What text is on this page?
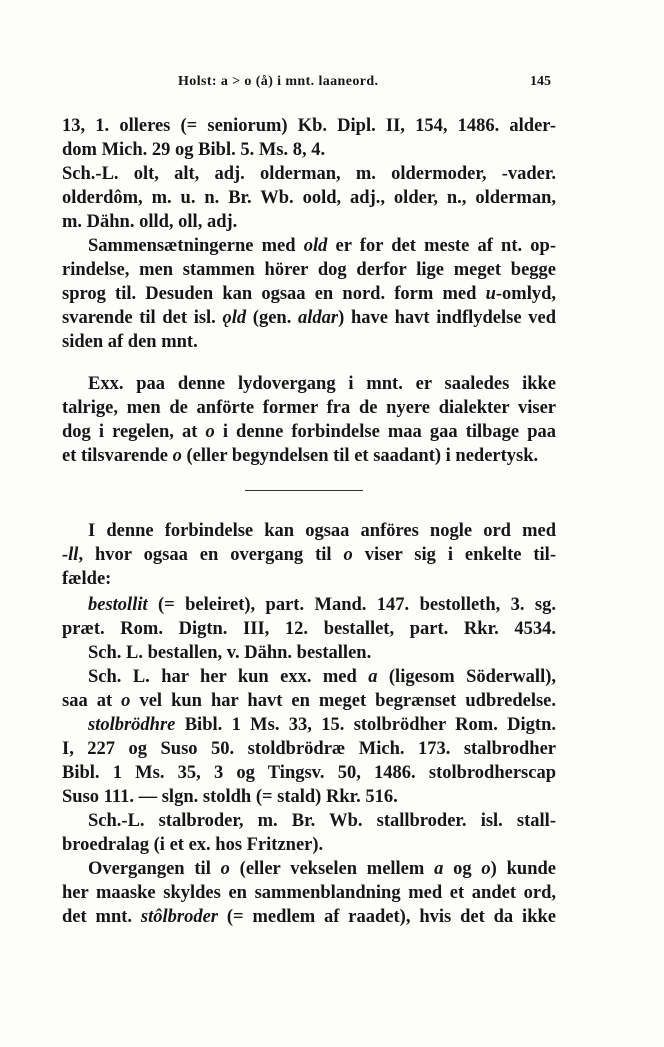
Holst: a > o (å) i mnt. laaneord.	145
13, 1. olleres (= seniorum) Kb. Dipl. II, 154, 1486. alder-
dom Mich. 29 og Bibl. 5. Ms. 8, 4.
Sch.-L. olt, alt, adj. olderman, m. oldermoder, -vader.
olderdôm, m. u. n. Br. Wb. oold, adj., older, n., olderman,
m. Dähn. olld, oll, adj.
Sammensætningerne med old er for det meste af nt. op-
rindelse, men stammen hörer dog derfor lige meget begge
sprog til. Desuden kan ogsaa en nord. form med u-omlyd,
svarende til det isl. ǫld (gen. aldar) have havt indflydelse ved
siden af den mnt.
Exx. paa denne lydovergang i mnt. er saaledes ikke
talrige, men de anförte former fra de nyere dialekter viser
dog i regelen, at o i denne forbindelse maa gaa tilbage paa
et tilsvarende o (eller begyndelsen til et saadant) i nedertysk.
I denne forbindelse kan ogsaa anföres nogle ord med
-ll, hvor ogsaa en overgang til o viser sig i enkelte til-
fælde:
bestollit (= beleiret), part. Mand. 147. bestolleth, 3. sg.
præt. Rom. Digtn. III, 12. bestallet, part. Rkr. 4534.
Sch. L. bestallen, v. Dähn. bestallen.
Sch. L. har her kun exx. med a (ligesom Söderwall),
saa at o vel kun har havt en meget begrænset udbredelse.
stolbrödhre Bibl. 1 Ms. 33, 15. stolbrödher Rom. Digtn.
I, 227 og Suso 50. stoldbrödræ Mich. 173. stalbrodher
Bibl. 1 Ms. 35, 3 og Tingsv. 50, 1486. stolbrodherscap
Suso 111. — slgn. stoldh (= stald) Rkr. 516.
Sch.-L. stalbroder, m. Br. Wb. stallbroder. isl. stall-
broedralag (i et ex. hos Fritzner).
Overgangen til o (eller vekselen mellem a og o) kunde
her maaske skyldes en sammenblandning med et andet ord,
det mnt. stôlbroder (= medlem af raadet), hvis det da ikke
